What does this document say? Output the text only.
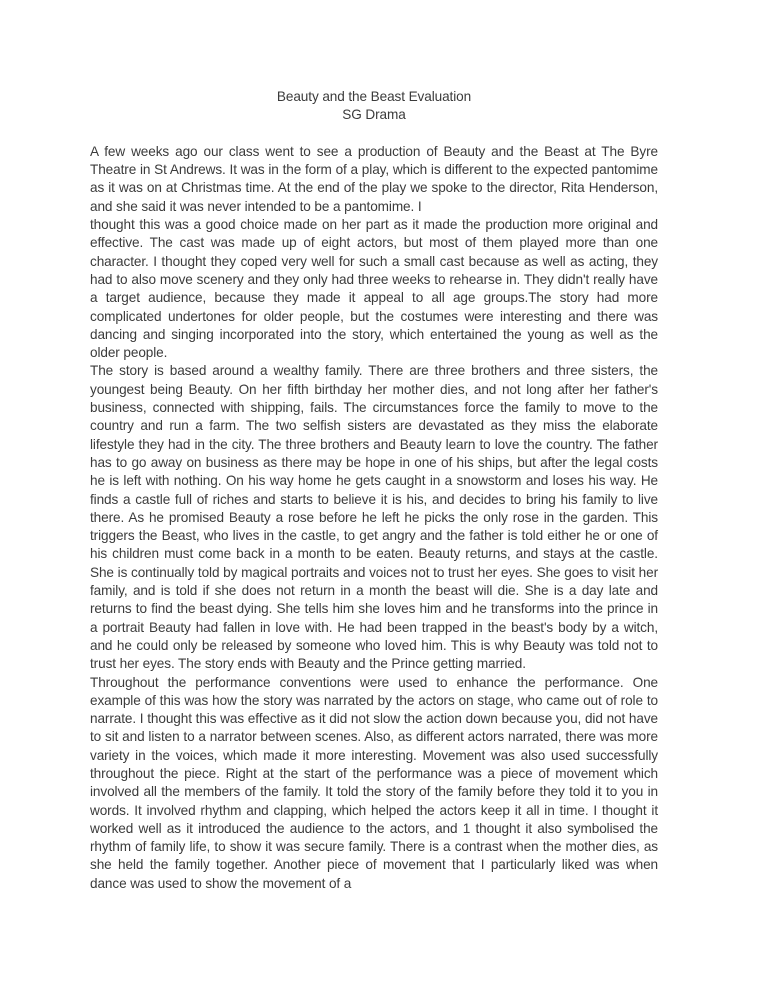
Beauty and the Beast Evaluation
SG Drama

A few weeks ago our class went to see a production of Beauty and the Beast at The Byre Theatre in St Andrews. It was in the form of a play, which is different to the expected pantomime as it was on at Christmas time. At the end of the play we spoke to the director, Rita Henderson, and she said it was never intended to be a pantomime. I

thought this was a good choice made on her part as it made the production more original and effective. The cast was made up of eight actors, but most of them played more than one character. I thought they coped very well for such a small cast because as well as acting, they had to also move scenery and they only had three weeks to rehearse in. They didn't really have a target audience, because they made it appeal to all age groups.The story had more complicated undertones for older people, but the costumes were interesting and there was dancing and singing incorporated into the story, which entertained the young as well as the older people.

The story is based around a wealthy family. There are three brothers and three sisters, the youngest being Beauty. On her fifth birthday her mother dies, and not long after her father's business, connected with shipping, fails. The circumstances force the family to move to the country and run a farm. The two selfish sisters are devastated as they miss the elaborate lifestyle they had in the city. The three brothers and Beauty learn to love the country. The father has to go away on business as there may be hope in one of his ships, but after the legal costs he is left with nothing. On his way home he gets caught in a snowstorm and loses his way. He finds a castle full of riches and starts to believe it is his, and decides to bring his family to live there. As he promised Beauty a rose before he left he picks the only rose in the garden. This triggers the Beast, who lives in the castle, to get angry and the father is told either he or one of his children must come back in a month to be eaten. Beauty returns, and stays at the castle. She is continually told by magical portraits and voices not to trust her eyes. She goes to visit her family, and is told if she does not return in a month the beast will die. She is a day late and returns to find the beast dying. She tells him she loves him and he transforms into the prince in a portrait Beauty had fallen in love with. He had been trapped in the beast's body by a witch, and he could only be released by someone who loved him. This is why Beauty was told not to trust her eyes. The story ends with Beauty and the Prince getting married.

Throughout the performance conventions were used to enhance the performance. One example of this was how the story was narrated by the actors on stage, who came out of role to narrate. I thought this was effective as it did not slow the action down because you, did not have to sit and listen to a narrator between scenes. Also, as different actors narrated, there was more variety in the voices, which made it more interesting. Movement was also used successfully throughout the piece. Right at the start of the performance was a piece of movement which involved all the members of the family. It told the story of the family before they told it to you in words. It involved rhythm and clapping, which helped the actors keep it all in time. I thought it worked well as it introduced the audience to the actors, and 1 thought it also symbolised the rhythm of family life, to show it was secure family. There is a contrast when the mother dies, as she held the family together. Another piece of movement that I particularly liked was when dance was used to show the movement of a
